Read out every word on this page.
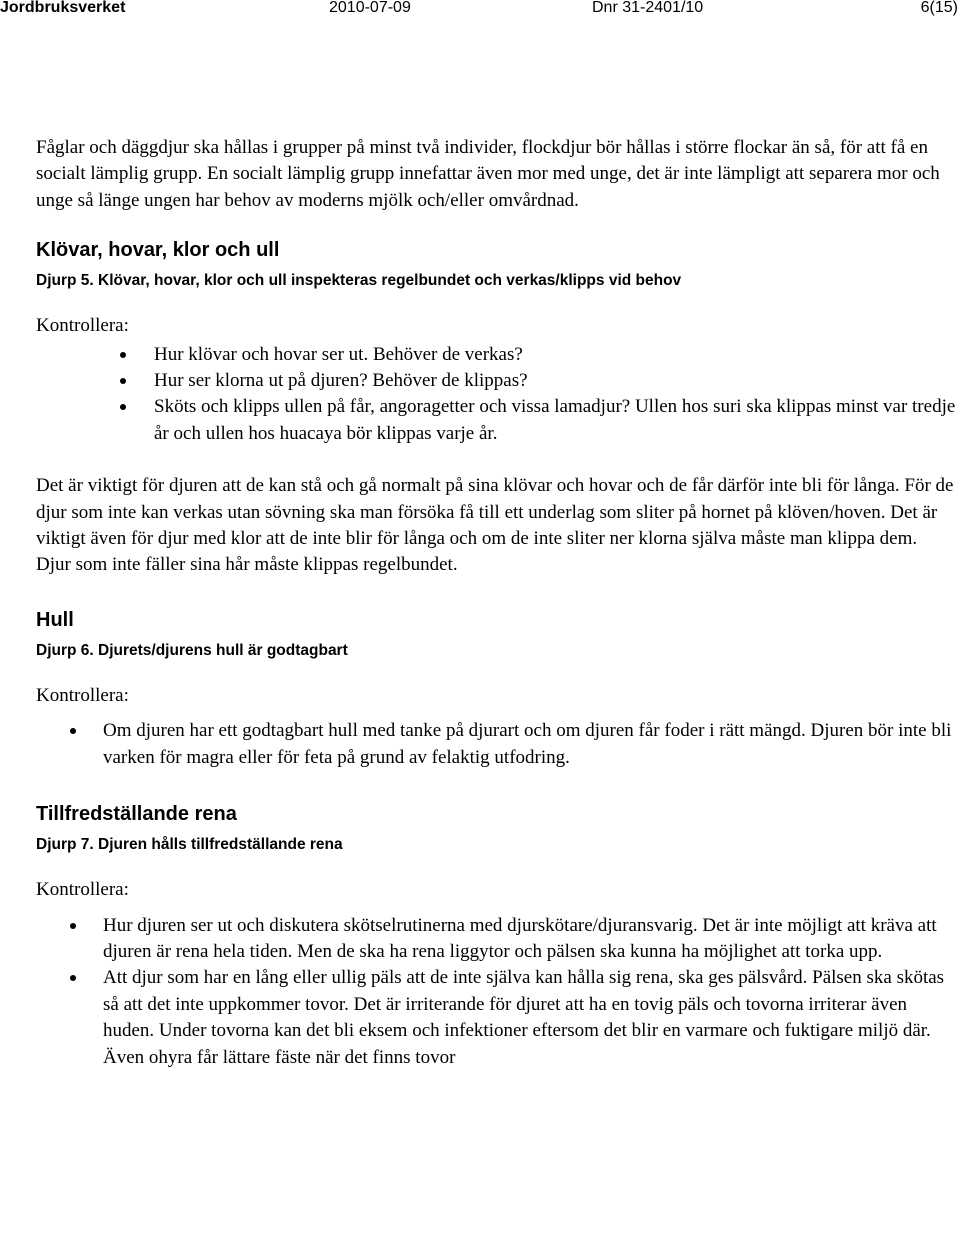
Jordbruksverket	2010-07-09	Dnr 31-2401/10	6(15)

Fåglar och däggdjur ska hållas i grupper på minst två individer, flockdjur bör hållas i större flockar än så, för att få en socialt lämplig grupp. En socialt lämplig grupp innefattar även mor med unge, det är inte lämpligt att separera mor och unge så länge ungen har behov av moderns mjölk och/eller omvårdnad.

Klövar, hovar, klor och ull
Djurp 5. Klövar, hovar, klor och ull inspekteras regelbundet och verkas/klipps vid behov

Kontrollera:

Hur klövar och hovar ser ut. Behöver de verkas?
Hur ser klorna ut på djuren? Behöver de klippas?
Sköts och klipps ullen på får, angoragetter och vissa lamadjur? Ullen hos suri ska klippas minst var tredje år och ullen hos huacaya bör klippas varje år.

Det är viktigt för djuren att de kan stå och gå normalt på sina klövar och hovar och de får därför inte bli för långa. För de djur som inte kan verkas utan sövning ska man försöka få till ett underlag som sliter på hornet på klöven/hoven. Det är viktigt även för djur med klor att de inte blir för långa och om de inte sliter ner klorna själva måste man klippa dem.

Djur som inte fäller sina hår måste klippas regelbundet.

Hull
Djurp 6. Djurets/djurens hull är godtagbart

Kontrollera:

Om djuren har ett godtagbart hull med tanke på djurart och om djuren får foder i rätt mängd. Djuren bör inte bli varken för magra eller för feta på grund av felaktig utfodring.
Tillfredställande rena
Djurp 7. Djuren hålls tillfredställande rena

Kontrollera:

Hur djuren ser ut och diskutera skötselrutinerna med djurskötare/djuransvarig. Det är inte möjligt att kräva att djuren är rena hela tiden. Men de ska ha rena liggytor och pälsen ska kunna ha möjlighet att torka upp.
Att djur som har en lång eller ullig päls att de inte själva kan hålla sig rena, ska ges pälsvård. Pälsen ska skötas så att det inte uppkommer tovor. Det är irriterande för djuret att ha en tovig päls och tovorna irriterar även huden. Under tovorna kan det bli eksem och infektioner eftersom det blir en varmare och fuktigare miljö där. Även ohyra får lättare fäste när det finns tovor
